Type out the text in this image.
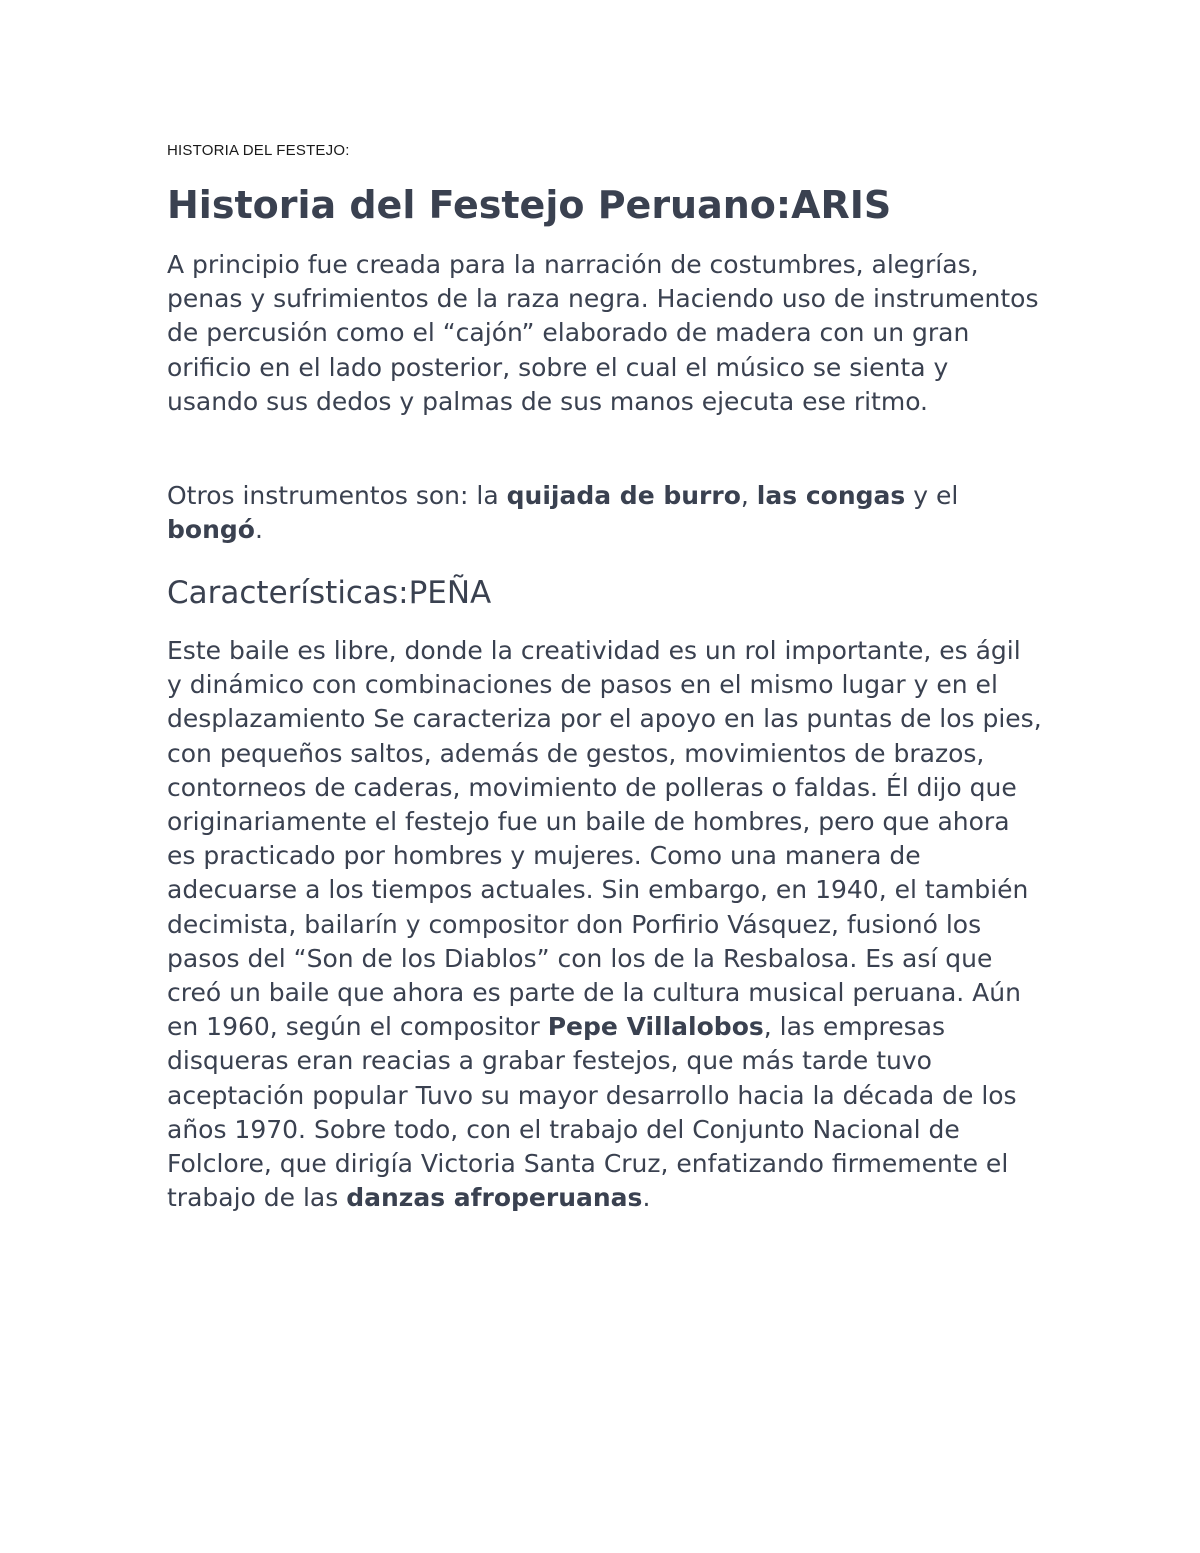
HISTORIA DEL FESTEJO:
Historia del Festejo Peruano:ARIS

A principio fue creada para la narración de costumbres, alegrías, penas y sufrimientos de la raza negra. Haciendo uso de instrumentos de percusión como el “cajón” elaborado de madera con un gran orificio en el lado posterior, sobre el cual el músico se sienta y usando sus dedos y palmas de sus manos ejecuta ese ritmo.

Otros instrumentos son: la quijada de burro, las congas y el bongó.

Características:PEÑA

Este baile es libre, donde la creatividad es un rol importante, es ágil y dinámico con combinaciones de pasos en el mismo lugar y en el desplazamiento Se caracteriza por el apoyo en las puntas de los pies, con pequeños saltos, además de gestos, movimientos de brazos, contorneos de caderas, movimiento de polleras o faldas. Él dijo que originariamente el festejo fue un baile de hombres, pero que ahora es practicado por hombres y mujeres. Como una manera de adecuarse a los tiempos actuales. Sin embargo, en 1940, el también decimista, bailarín y compositor don Porfirio Vásquez, fusionó los pasos del “Son de los Diablos” con los de la Resbalosa. Es así que creó un baile que ahora es parte de la cultura musical peruana. Aún en 1960, según el compositor Pepe Villalobos, las empresas disqueras eran reacias a grabar festejos, que más tarde tuvo aceptación popular Tuvo su mayor desarrollo hacia la década de los años 1970. Sobre todo, con el trabajo del Conjunto Nacional de Folclore, que dirigía Victoria Santa Cruz, enfatizando firmemente el trabajo de las danzas afroperuanas.
